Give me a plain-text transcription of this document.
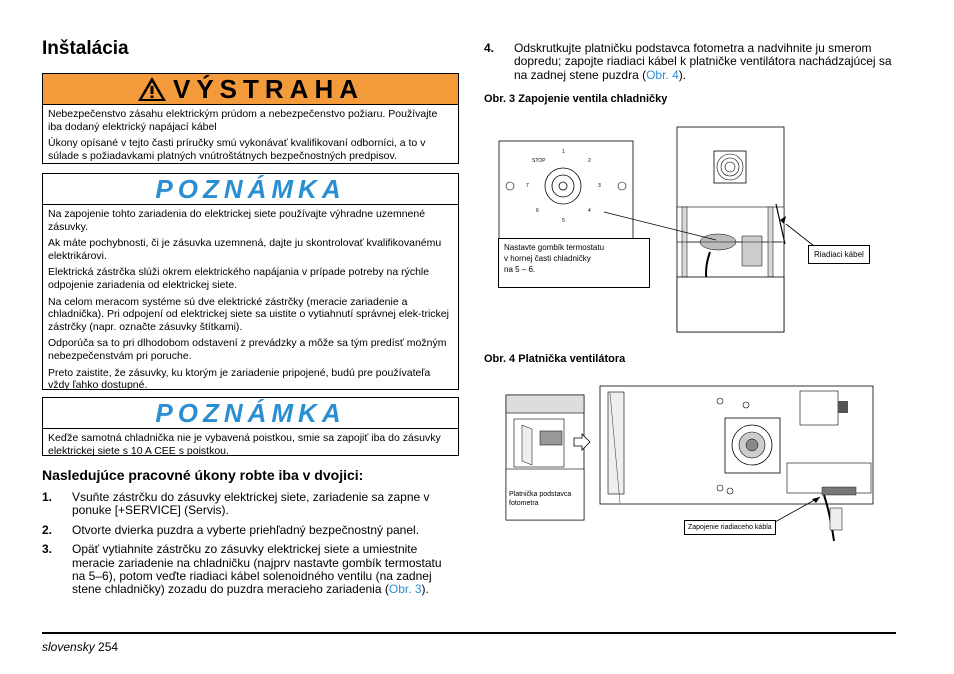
Inštalácia
VÝSTRAHA

Nebezpečenstvo zásahu elektrickým prúdom a nebezpečenstvo požiaru. Používajte iba dodaný elektrický napájací kábel

Úkony opísané v tejto časti príručky smú vykonávať kvalifikovaní odborníci, a to v súlade s požiadavkami platných vnútroštátnych bezpečnostných predpisov.

POZNÁMKA

Na zapojenie tohto zariadenia do elektrickej siete používajte výhradne uzemnené zásuvky.

Ak máte pochybnosti, či je zásuvka uzemnená, dajte ju skontrolovať kvalifikovanému elektrikárovi.

Elektrická zástrčka slúži okrem elektrického napájania v prípade potreby na rýchle odpojenie zariadenia od elektrickej siete.

Na celom meracom systéme sú dve elektrické zástrčky (meracie zariadenie a chladnička). Pri odpojení od elektrickej siete sa uistite o vytiahnutí správnej elek-trickej zástrčky (napr. označte zásuvky štítkami).

Odporúča sa to pri dlhodobom odstavení z prevádzky a môže sa tým predísť možným nebezpečenstvám pri poruche.

Preto zaistite, že zásuvky, ku ktorým je zariadenie pripojené, budú pre používateľa vždy ľahko dostupné.

POZNÁMKA

Keďže samotná chladnička nie je vybavená poistkou, smie sa zapojiť iba do zásuvky elektrickej siete s 10 A CEE s poistkou.

Nasledujúce pracovné úkony robte iba v dvojici:
1. Vsuňte zástrčku do zásuvky elektrickej siete, zariadenie sa zapne v ponuke [+SERVICE] (Servis).
2. Otvorte dvierka puzdra a vyberte priehľadný bezpečnostný panel.
3. Opäť vytiahnite zástrčku zo zásuvky elektrickej siete a umiestnite meracie zariadenie na chladničku (najprv nastavte gombík termostatu na 5–6), potom veďte riadiaci kábel solenoidného ventilu (na zadnej stene chladničky) zozadu do puzdra meracieho zariadenia (Obr. 3).
4. Odskrutkujte platničku podstavca fotometra a nadvihnite ju smerom dopredu; zapojte riadiaci kábel k platničke ventilátora nachádzajúcej sa na zadnej stene puzdra (Obr. 4).
Obr. 3 Zapojenie ventila chladničky
STOP
1
2
3
4
5
6
7
Nastavte gombík termostatu
v hornej časti chladničky
na 5 – 6.
Riadiaci kábel
Obr. 4 Platnička ventilátora
Platnička podstavca
fotometra
Zapojenie riadiaceho kábla
slovensky 254
